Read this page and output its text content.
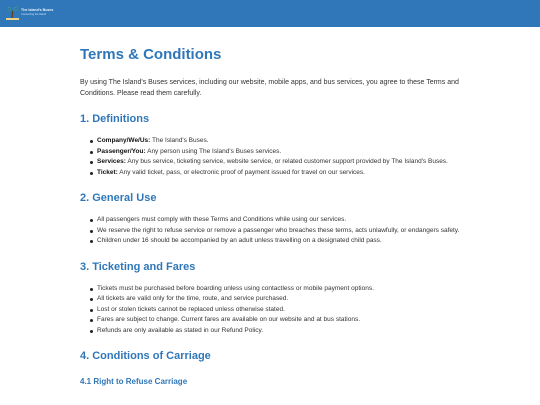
The Island's Buses
Connecting the Island
Terms & Conditions

By using The Island's Buses services, including our website, mobile apps, and bus services, you agree to these Terms and Conditions. Please read them carefully.

1. Definitions
Company/We/Us: The Island's Buses.
Passenger/You: Any person using The Island's Buses services.
Services: Any bus service, ticketing service, website service, or related customer support provided by The Island's Buses.
Ticket: Any valid ticket, pass, or electronic proof of payment issued for travel on our services.
2. General Use
All passengers must comply with these Terms and Conditions while using our services.
We reserve the right to refuse service or remove a passenger who breaches these terms, acts unlawfully, or endangers safety.
Children under 16 should be accompanied by an adult unless travelling on a designated child pass.
3. Ticketing and Fares
Tickets must be purchased before boarding unless using contactless or mobile payment options.
All tickets are valid only for the time, route, and service purchased.
Lost or stolen tickets cannot be replaced unless otherwise stated.
Fares are subject to change. Current fares are available on our website and at bus stations.
Refunds are only available as stated in our Refund Policy.
4. Conditions of Carriage
4.1 Right to Refuse Carriage
